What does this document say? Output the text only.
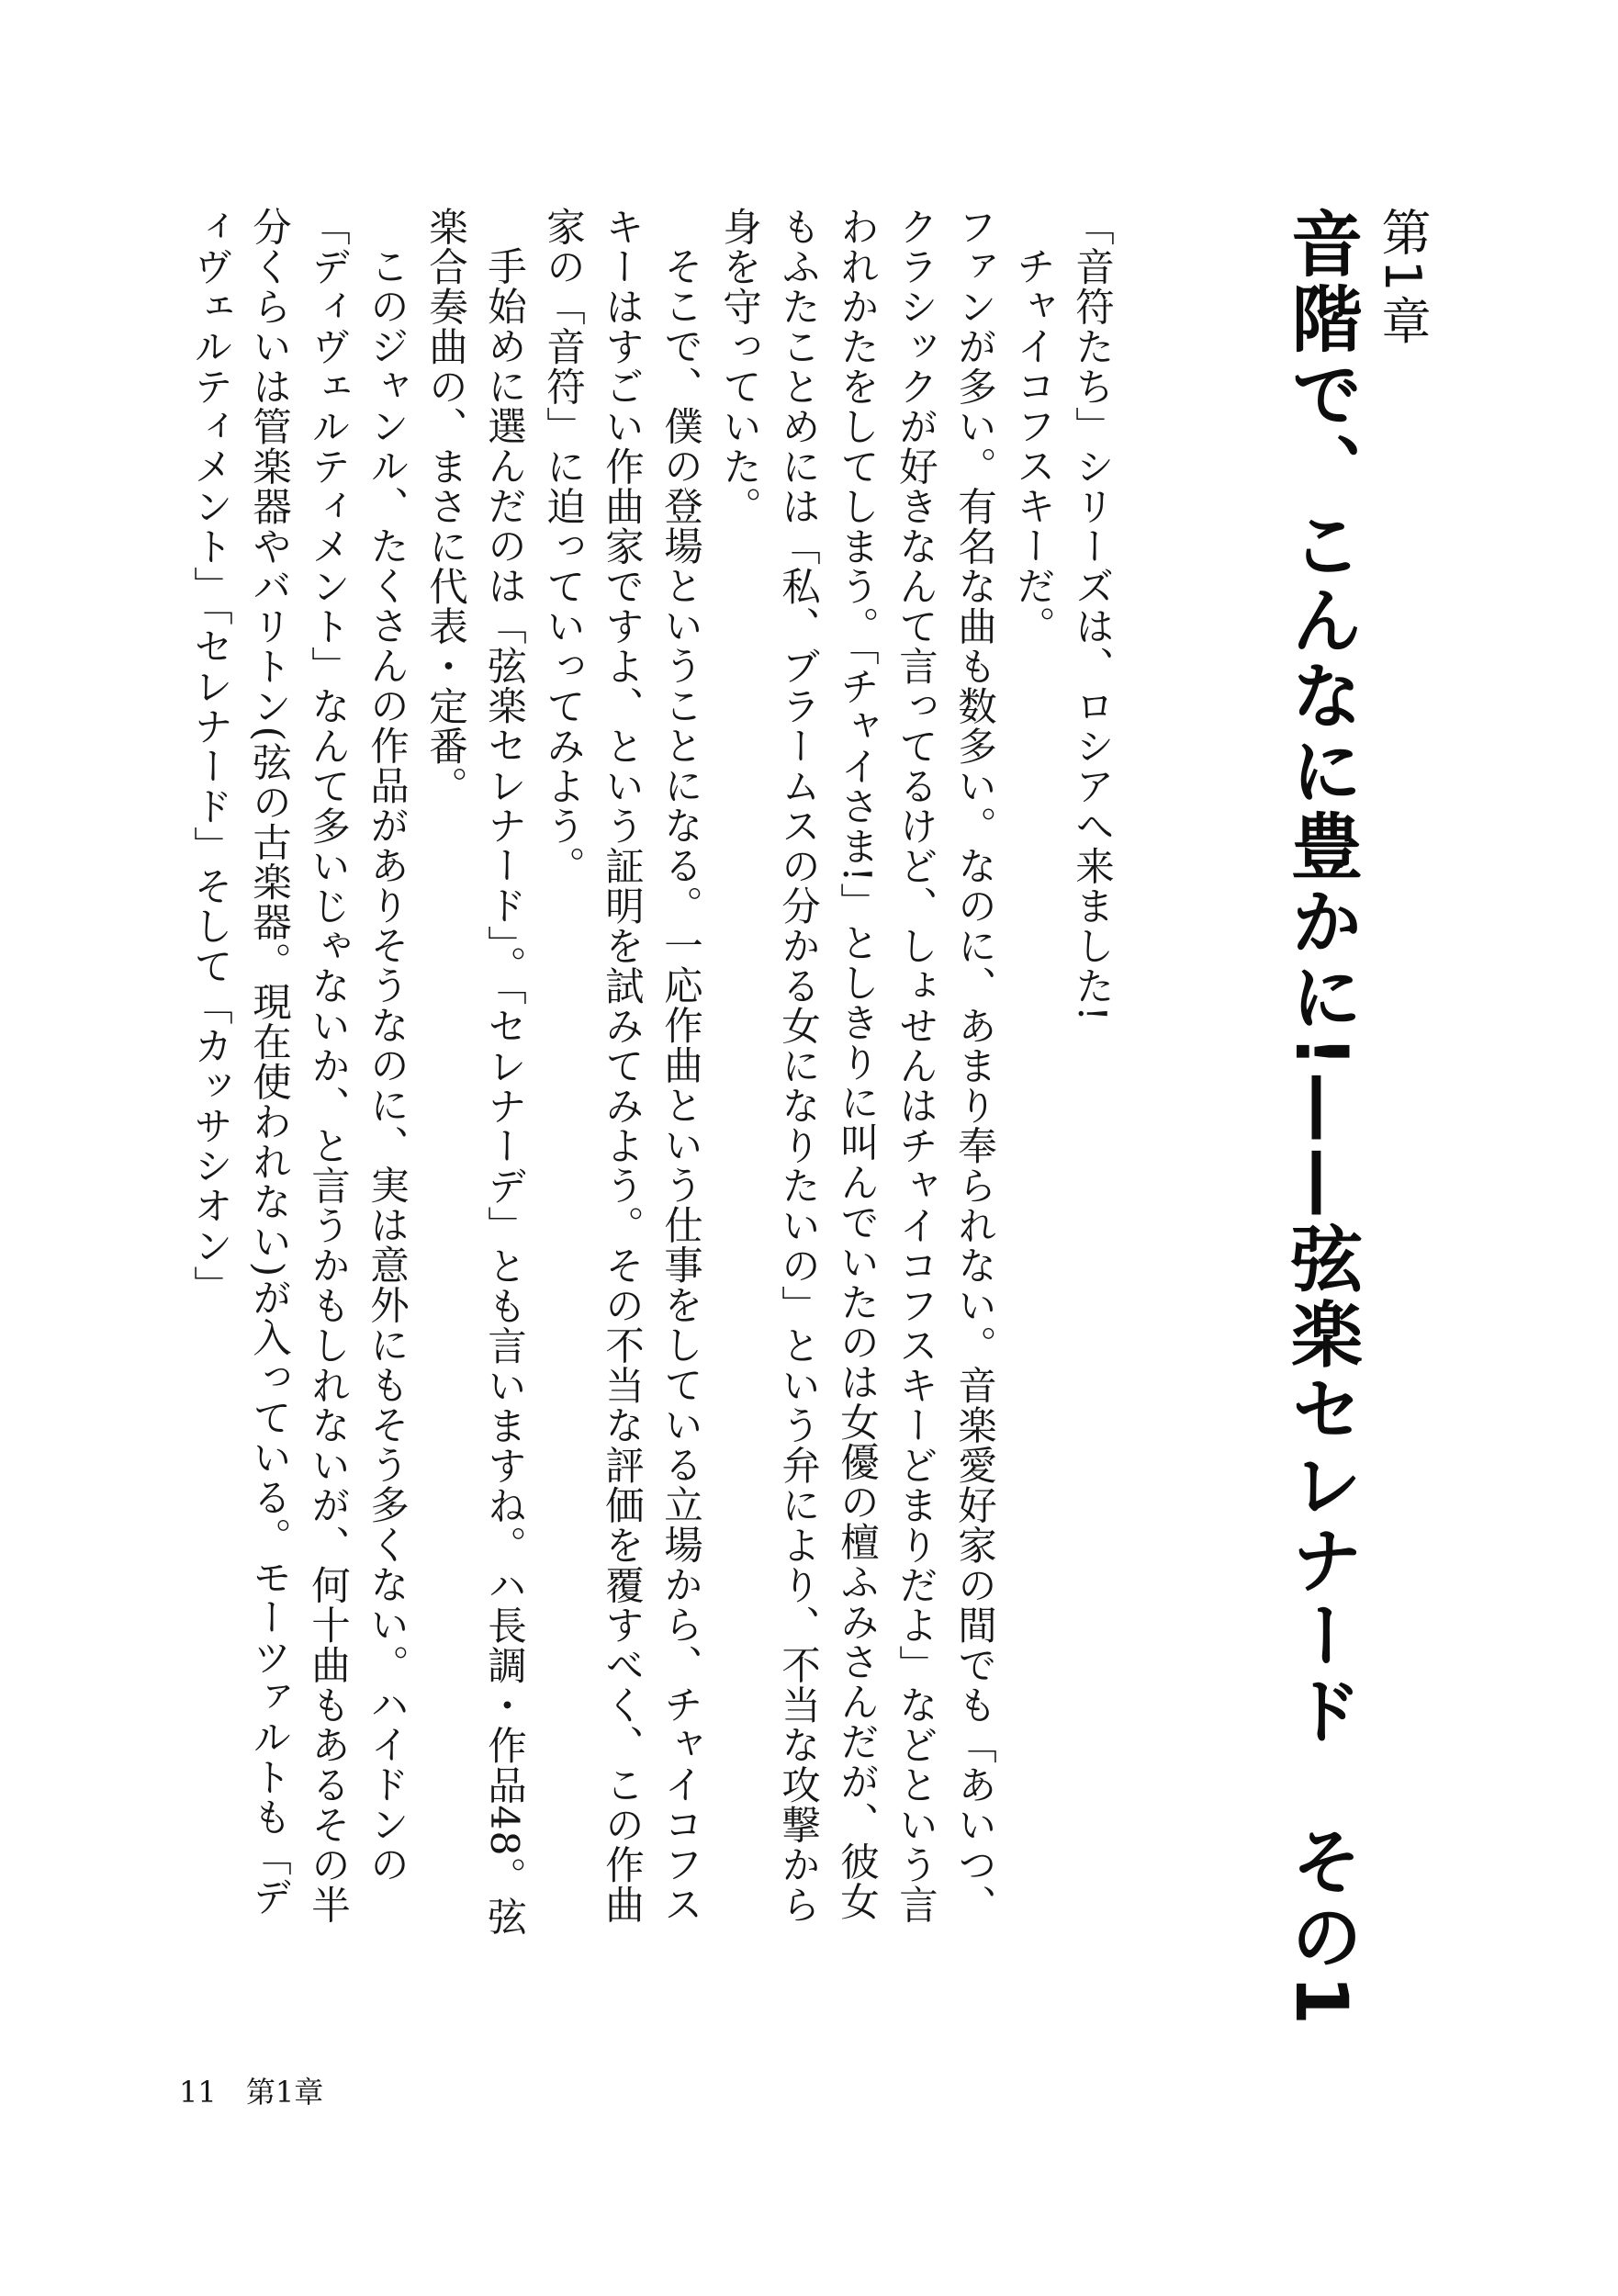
第1章
音階で、こんなに豊かに!——弦楽セレナード　その1

「音符たち」シリーズは、ロシアへ来ました!

チャイコフスキーだ。

ファンが多い。有名な曲も数多い。なのに、あまり奉られない。音楽愛好家の間でも「あいつ、クラシックが好きなんて言ってるけど、しょせんはチャイコフスキーどまりだよ」などという言われかたをしてしまう。「チャイさま!」としきりに叫んでいたのは女優の檀ふみさんだが、彼女もふたことめには「私、ブラームスの分かる女になりたいの」という弁により、不当な攻撃から身を守っていた。

そこで、僕の登場ということになる。一応作曲という仕事をしている立場から、チャイコフスキーはすごい作曲家ですよ、という証明を試みてみよう。その不当な評価を覆すべく、この作曲家の「音符」に迫っていってみよう。

手始めに選んだのは「弦楽セレナード」。「セレナーデ」とも言いますね。ハ長調・作品48。弦楽合奏曲の、まさに代表・定番。

このジャンル、たくさんの作品がありそうなのに、実は意外にもそう多くない。ハイドンの「ディヴェルティメント」なんて多いじゃないか、と言うかもしれないが、何十曲もあるその半分くらいは管楽器やバリトン(弦の古楽器。現在使われない)が入っている。モーツァルトも「ディヴェルティメント」「セレナード」そして「カッサシオン」

11 第1章
